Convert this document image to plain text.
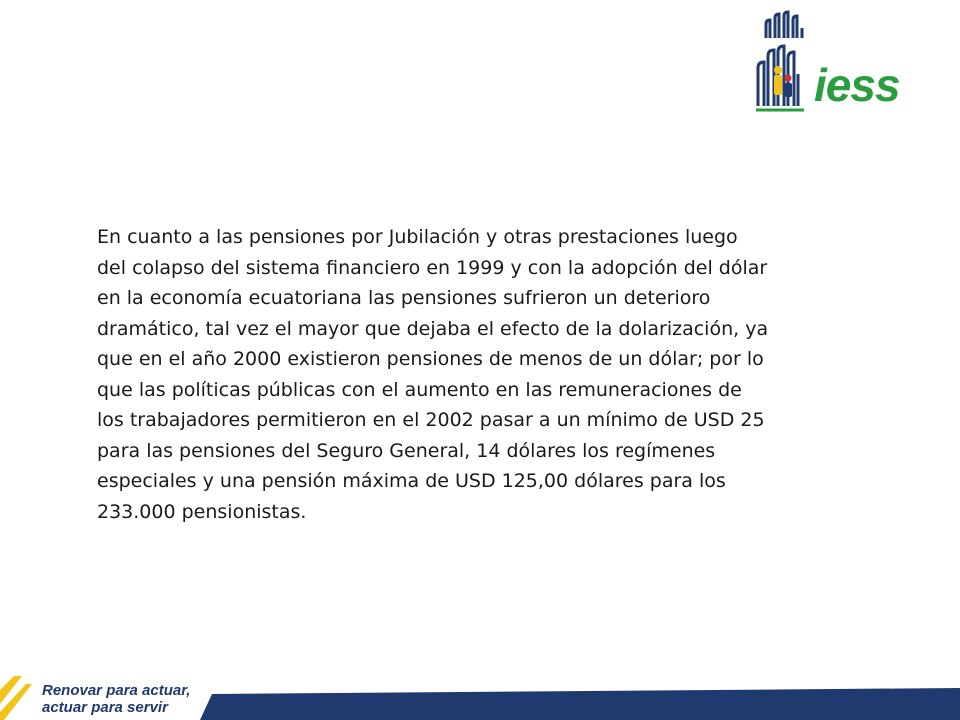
iess

En cuanto a las pensiones por Jubilación y otras prestaciones luego
del colapso del sistema financiero en 1999 y con la adopción del dólar
en la economía ecuatoriana las pensiones sufrieron un deterioro
dramático, tal vez el mayor que dejaba el efecto de la dolarización, ya
que en el año 2000 existieron pensiones de menos de un dólar; por lo
que las políticas públicas con el aumento en las remuneraciones de
los trabajadores permitieron en el 2002 pasar a un mínimo de USD 25
para las pensiones del Seguro General, 14 dólares los regímenes
especiales y una pensión máxima de USD 125,00 dólares para los
233.000 pensionistas.

Renovar para actuar,
actuar para servir
